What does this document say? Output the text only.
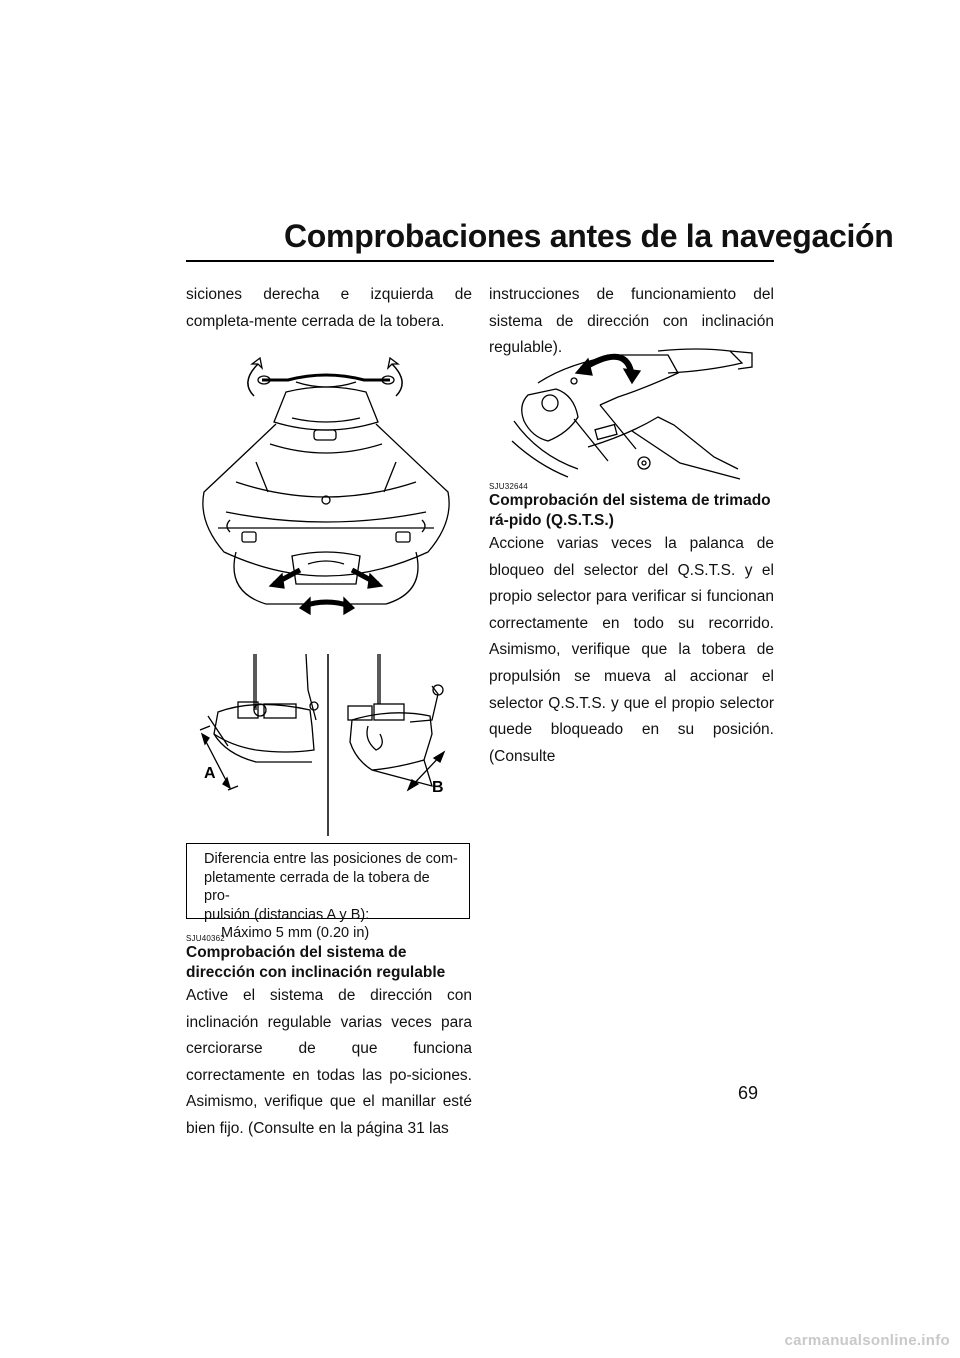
Comprobaciones antes de la navegación
siciones derecha e izquierda de completa-mente cerrada de la tobera.
A
B
Diferencia entre las posiciones de com-
pletamente cerrada de la tobera de pro-
pulsión (distancias A y B):
Máximo 5 mm (0.20 in)
SJU40362
Comprobación del sistema de dirección con inclinación regulable
Active el sistema de dirección con inclinación regulable varias veces para cerciorarse de que funciona correctamente en todas las po-siciones. Asimismo, verifique que el manillar esté bien fijo. (Consulte en la página 31 las
instrucciones de funcionamiento del sistema de dirección con inclinación regulable).
SJU32644
Comprobación del sistema de trimado rá-pido (Q.S.T.S.)
Accione varias veces la palanca de bloqueo del selector del Q.S.T.S. y el propio selector para verificar si funcionan correctamente en todo su recorrido. Asimismo, verifique que la tobera de propulsión se mueva al accionar el selector Q.S.T.S. y que el propio selector quede bloqueado en su posición. (Consulte
69
carmanualsonline.info
